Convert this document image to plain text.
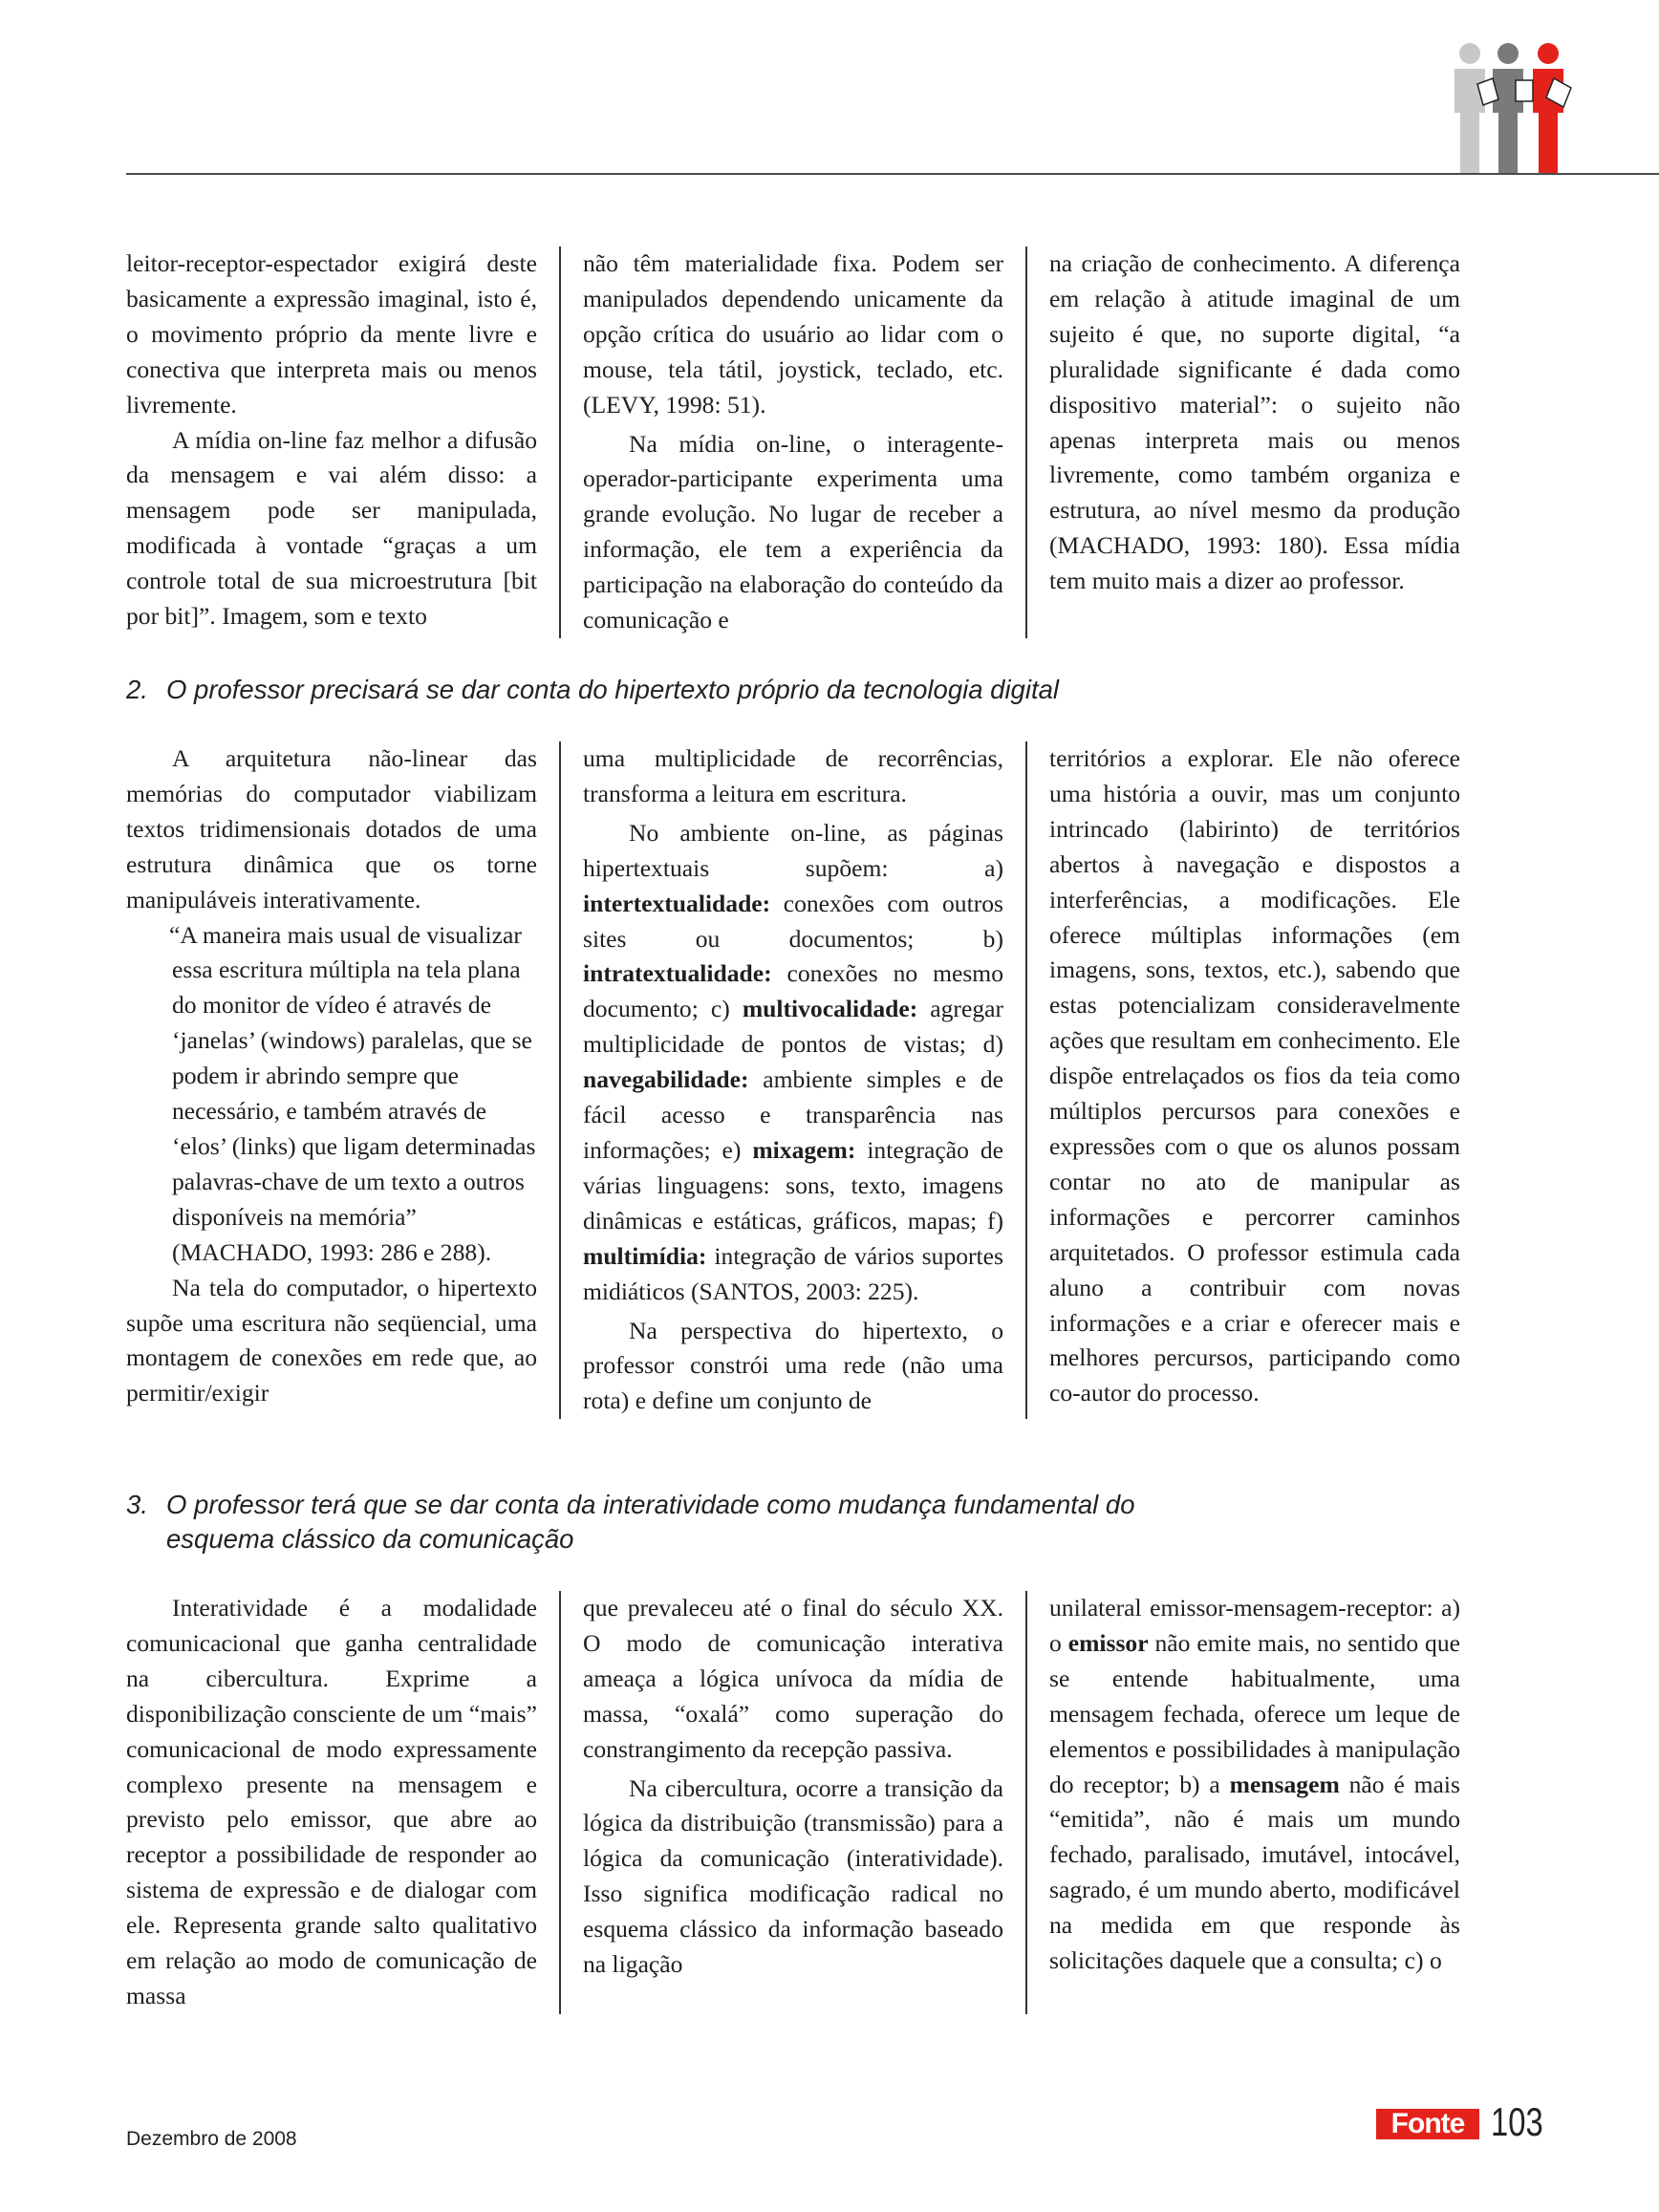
leitor-receptor-espectador exigirá deste basicamente a expressão imaginal, isto é, o movimento próprio da mente livre e conectiva que interpreta mais ou menos livremente.

A mídia on-line faz melhor a difusão da mensagem e vai além disso: a mensagem pode ser manipulada, modificada à vontade “graças a um controle total de sua microestrutura [bit por bit]”. Imagem, som e texto

não têm materialidade fixa. Podem ser manipulados dependendo unicamente da opção crítica do usuário ao lidar com o mouse, tela tátil, joystick, teclado, etc. (LEVY, 1998: 51).

Na mídia on-line, o interagente-operador-participante experimenta uma grande evolução. No lugar de receber a informação, ele tem a experiência da participação na elaboração do conteúdo da comunicação e

na criação de conhecimento. A diferença em relação à atitude imaginal de um sujeito é que, no suporte digital, “a pluralidade significante é dada como dispositivo material”: o sujeito não apenas interpreta mais ou menos livremente, como também organiza e estrutura, ao nível mesmo da produção (MACHADO, 1993: 180). Essa mídia tem muito mais a dizer ao professor.

2. O professor precisará se dar conta do hipertexto próprio da tecnologia digital

A arquitetura não-linear das memórias do computador viabilizam textos tridimensionais dotados de uma estrutura dinâmica que os torne manipuláveis interativamente.

“A maneira mais usual de visualizar essa escritura múltipla na tela plana do monitor de vídeo é através de ‘janelas’ (windows) paralelas, que se podem ir abrindo sempre que necessário, e também através de ‘elos’ (links) que ligam determinadas palavras-chave de um texto a outros disponíveis na memória” (MACHADO, 1993: 286 e 288).

Na tela do computador, o hipertexto supõe uma escritura não seqüencial, uma montagem de conexões em rede que, ao permitir/exigir

uma multiplicidade de recorrências, transforma a leitura em escritura.

No ambiente on-line, as páginas hipertextuais supõem: a) intertextualidade: conexões com outros sites ou documentos; b) intratextualidade: conexões no mesmo documento; c) multivocalidade: agregar multiplicidade de pontos de vistas; d) navegabilidade: ambiente simples e de fácil acesso e transparência nas informações; e) mixagem: integração de várias linguagens: sons, texto, imagens dinâmicas e estáticas, gráficos, mapas; f) multimídia: integração de vários suportes midiáticos (SANTOS, 2003: 225).

Na perspectiva do hipertexto, o professor constrói uma rede (não uma rota) e define um conjunto de

territórios a explorar. Ele não oferece uma história a ouvir, mas um conjunto intrincado (labirinto) de territórios abertos à navegação e dispostos a interferências, a modificações. Ele oferece múltiplas informações (em imagens, sons, textos, etc.), sabendo que estas potencializam consideravelmente ações que resultam em conhecimento. Ele dispõe entrelaçados os fios da teia como múltiplos percursos para conexões e expressões com o que os alunos possam contar no ato de manipular as informações e percorrer caminhos arquitetados. O professor estimula cada aluno a contribuir com novas informações e a criar e oferecer mais e melhores percursos, participando como co-autor do processo.

3. O professor terá que se dar conta da interatividade como mudança fundamental do
esquema clássico da comunicação

Interatividade é a modalidade comunicacional que ganha centralidade na cibercultura. Exprime a disponibilização consciente de um “mais” comunicacional de modo expressamente complexo presente na mensagem e previsto pelo emissor, que abre ao receptor a possibilidade de responder ao sistema de expressão e de dialogar com ele. Representa grande salto qualitativo em relação ao modo de comunicação de massa

que prevaleceu até o final do século XX. O modo de comunicação interativa ameaça a lógica unívoca da mídia de massa, “oxalá” como superação do constrangimento da recepção passiva.

Na cibercultura, ocorre a transição da lógica da distribuição (transmissão) para a lógica da comunicação (interatividade). Isso significa modificação radical no esquema clássico da informação baseado na ligação

unilateral emissor-mensagem-receptor: a) o emissor não emite mais, no sentido que se entende habitualmente, uma mensagem fechada, oferece um leque de elementos e possibilidades à manipulação do receptor; b) a mensagem não é mais “emitida”, não é mais um mundo fechado, paralisado, imutável, intocável, sagrado, é um mundo aberto, modificável na medida em que responde às solicitações daquele que a consulta; c) o

Dezembro de 2008	Fonte 103
